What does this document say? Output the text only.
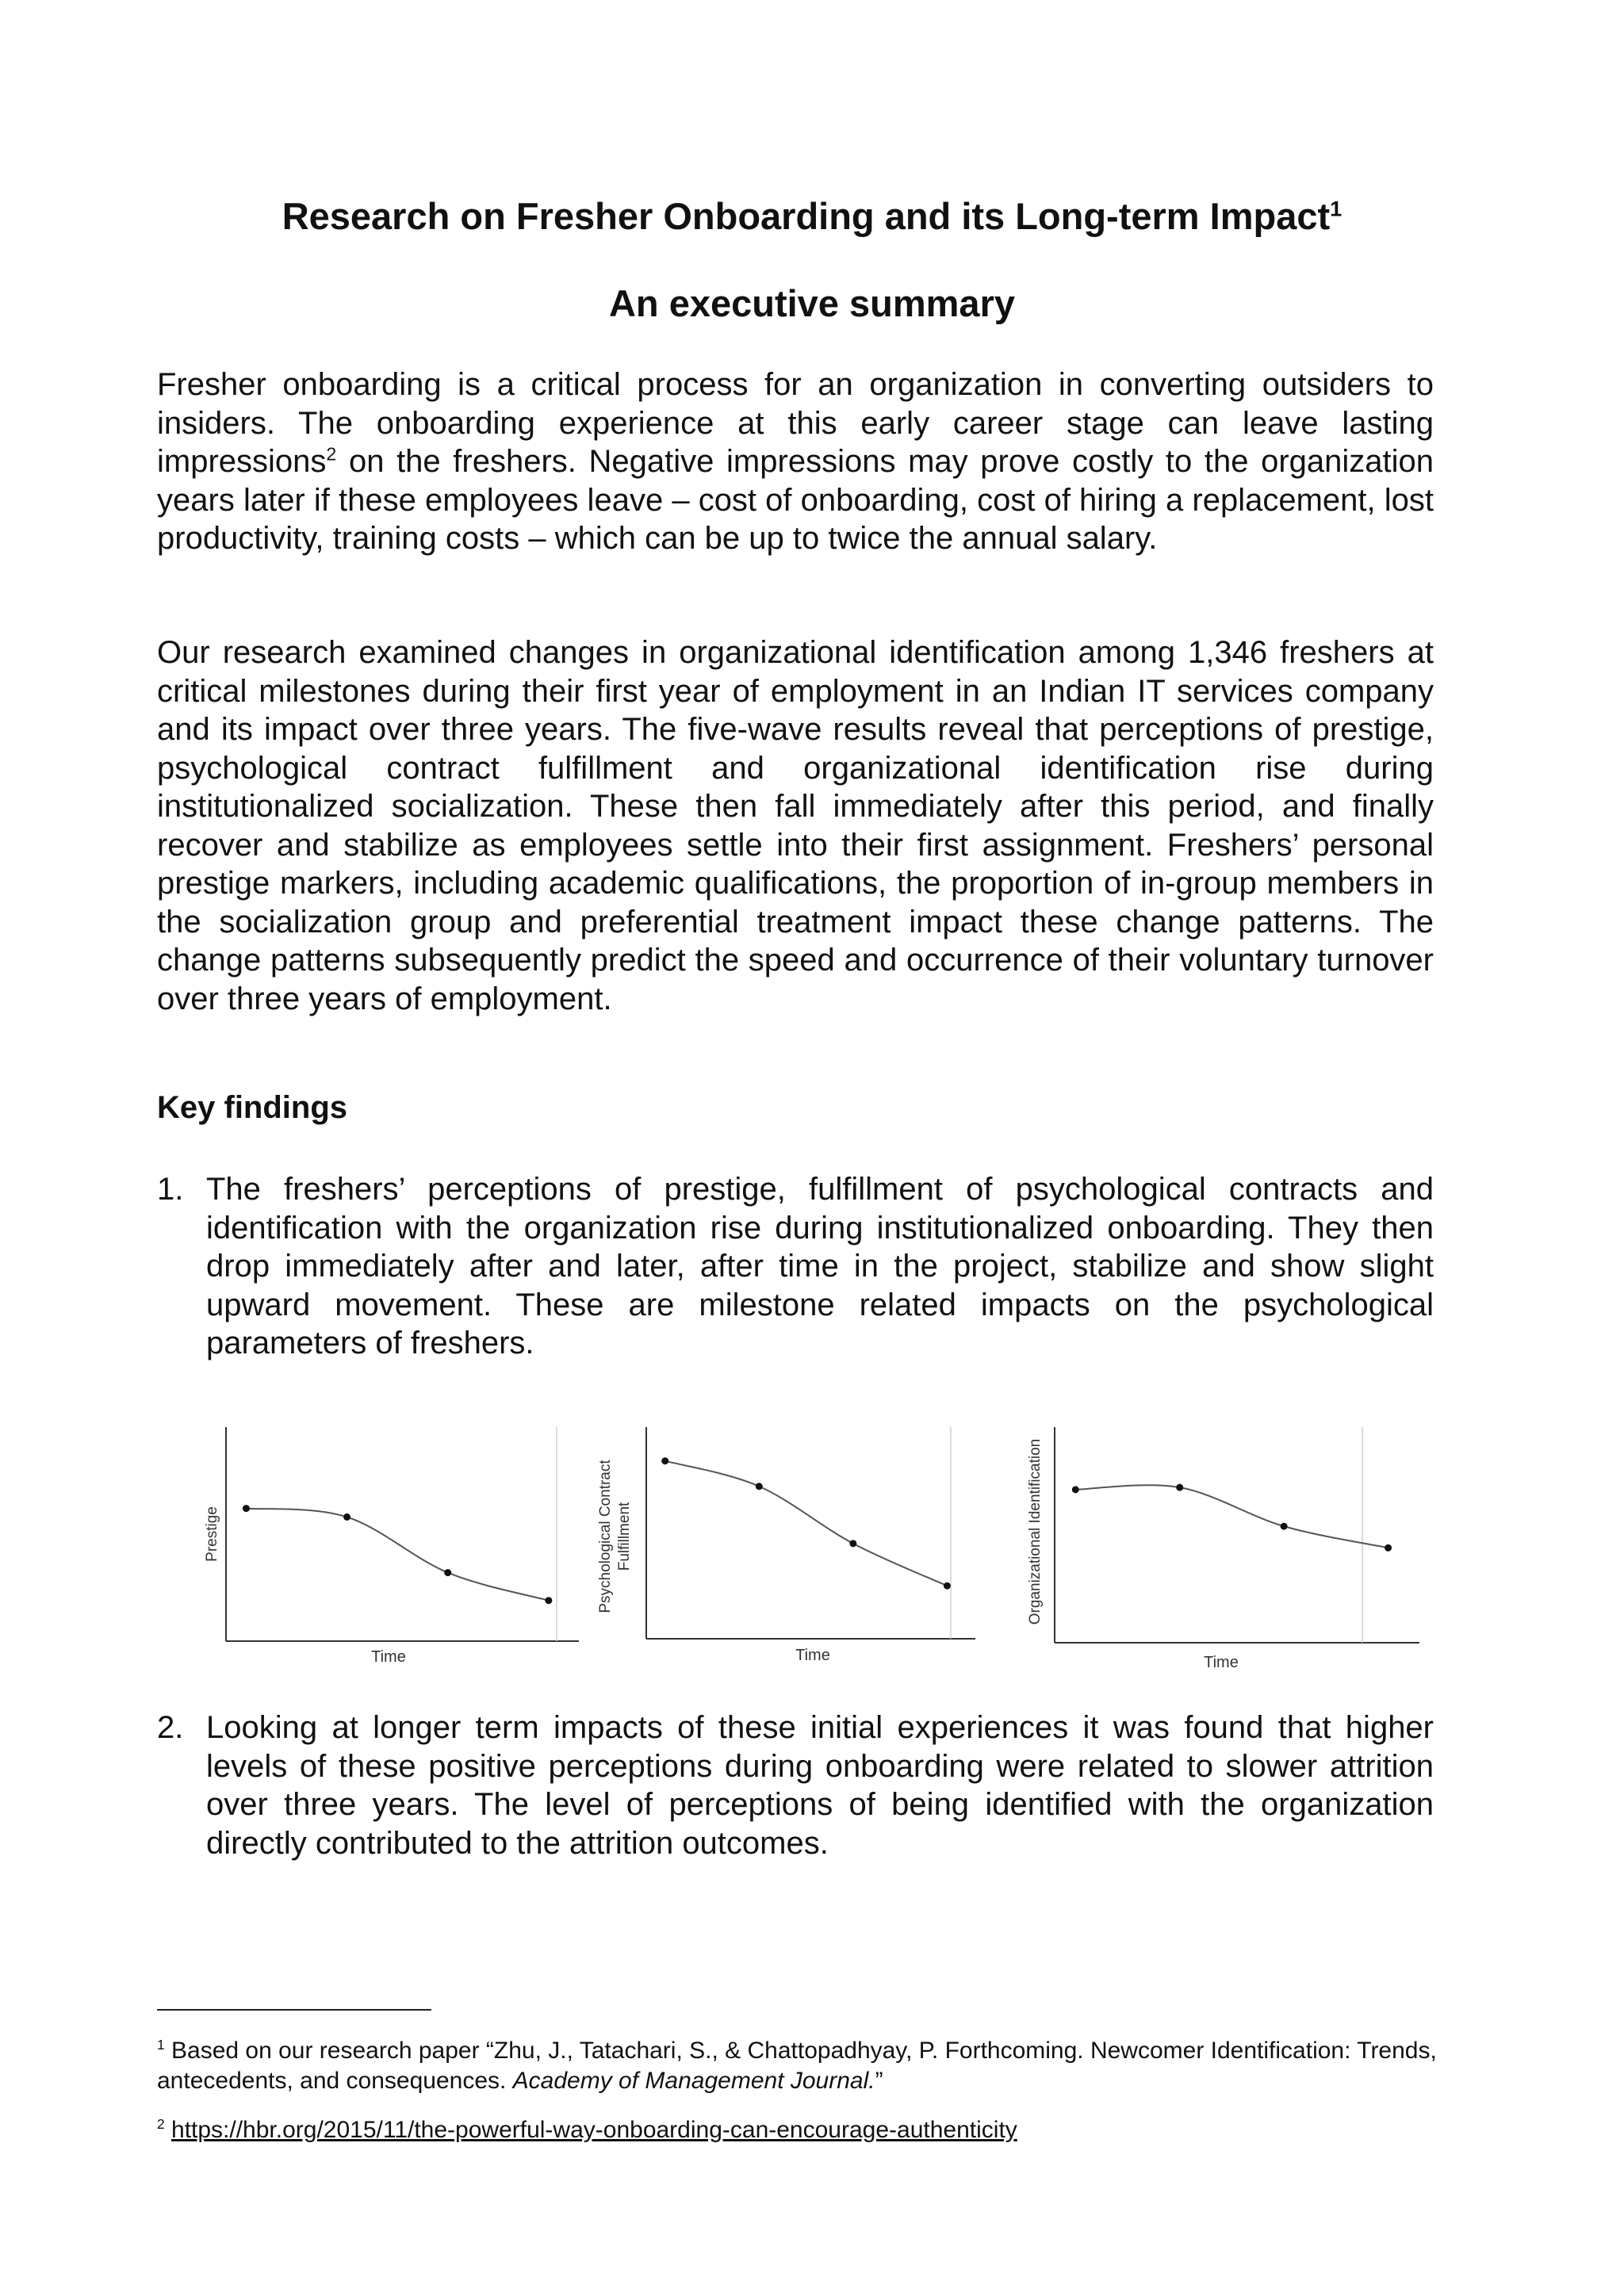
Research on Fresher Onboarding and its Long-term Impact$^1$
An executive summary

Fresher onboarding is a critical process for an organization in converting outsiders to insiders. The onboarding experience at this early career stage can leave lasting impressions$^2$ on the freshers. Negative impressions may prove costly to the organization years later if these employees leave – cost of onboarding, cost of hiring a replacement, lost productivity, training costs – which can be up to twice the annual salary.

Our research examined changes in organizational identification among 1,346 freshers at critical milestones during their first year of employment in an Indian IT services company and its impact over three years. The five-wave results reveal that perceptions of prestige, psychological contract fulfillment and organizational identification rise during institutionalized socialization. These then fall immediately after this period, and finally recover and stabilize as employees settle into their first assignment. Freshers’ personal prestige markers, including academic qualifications, the proportion of in-group members in the socialization group and preferential treatment impact these change patterns. The change patterns subsequently predict the speed and occurrence of their voluntary turnover over three years of employment.

Key findings

1. The freshers’ perceptions of prestige, fulfillment of psychological contracts and identification with the organization rise during institutionalized onboarding. They then drop immediately after and later, after time in the project, stabilize and show slight upward movement. These are milestone related impacts on the psychological parameters of freshers.
Prestige
Time
Psychological Contract Fulfillment
Time
Organizational Identification
Time
2. Looking at longer term impacts of these initial experiences it was found that higher levels of these positive perceptions during onboarding were related to slower attrition over three years. The level of perceptions of being identified with the organization directly contributed to the attrition outcomes.

$^1$ Based on our research paper “Zhu, J., Tatachari, S., & Chattopadhyay, P. Forthcoming. Newcomer Identification: Trends, antecedents, and consequences. Academy of Management Journal.”

$^2$ https://hbr.org/2015/11/the-powerful-way-onboarding-can-encourage-authenticity
